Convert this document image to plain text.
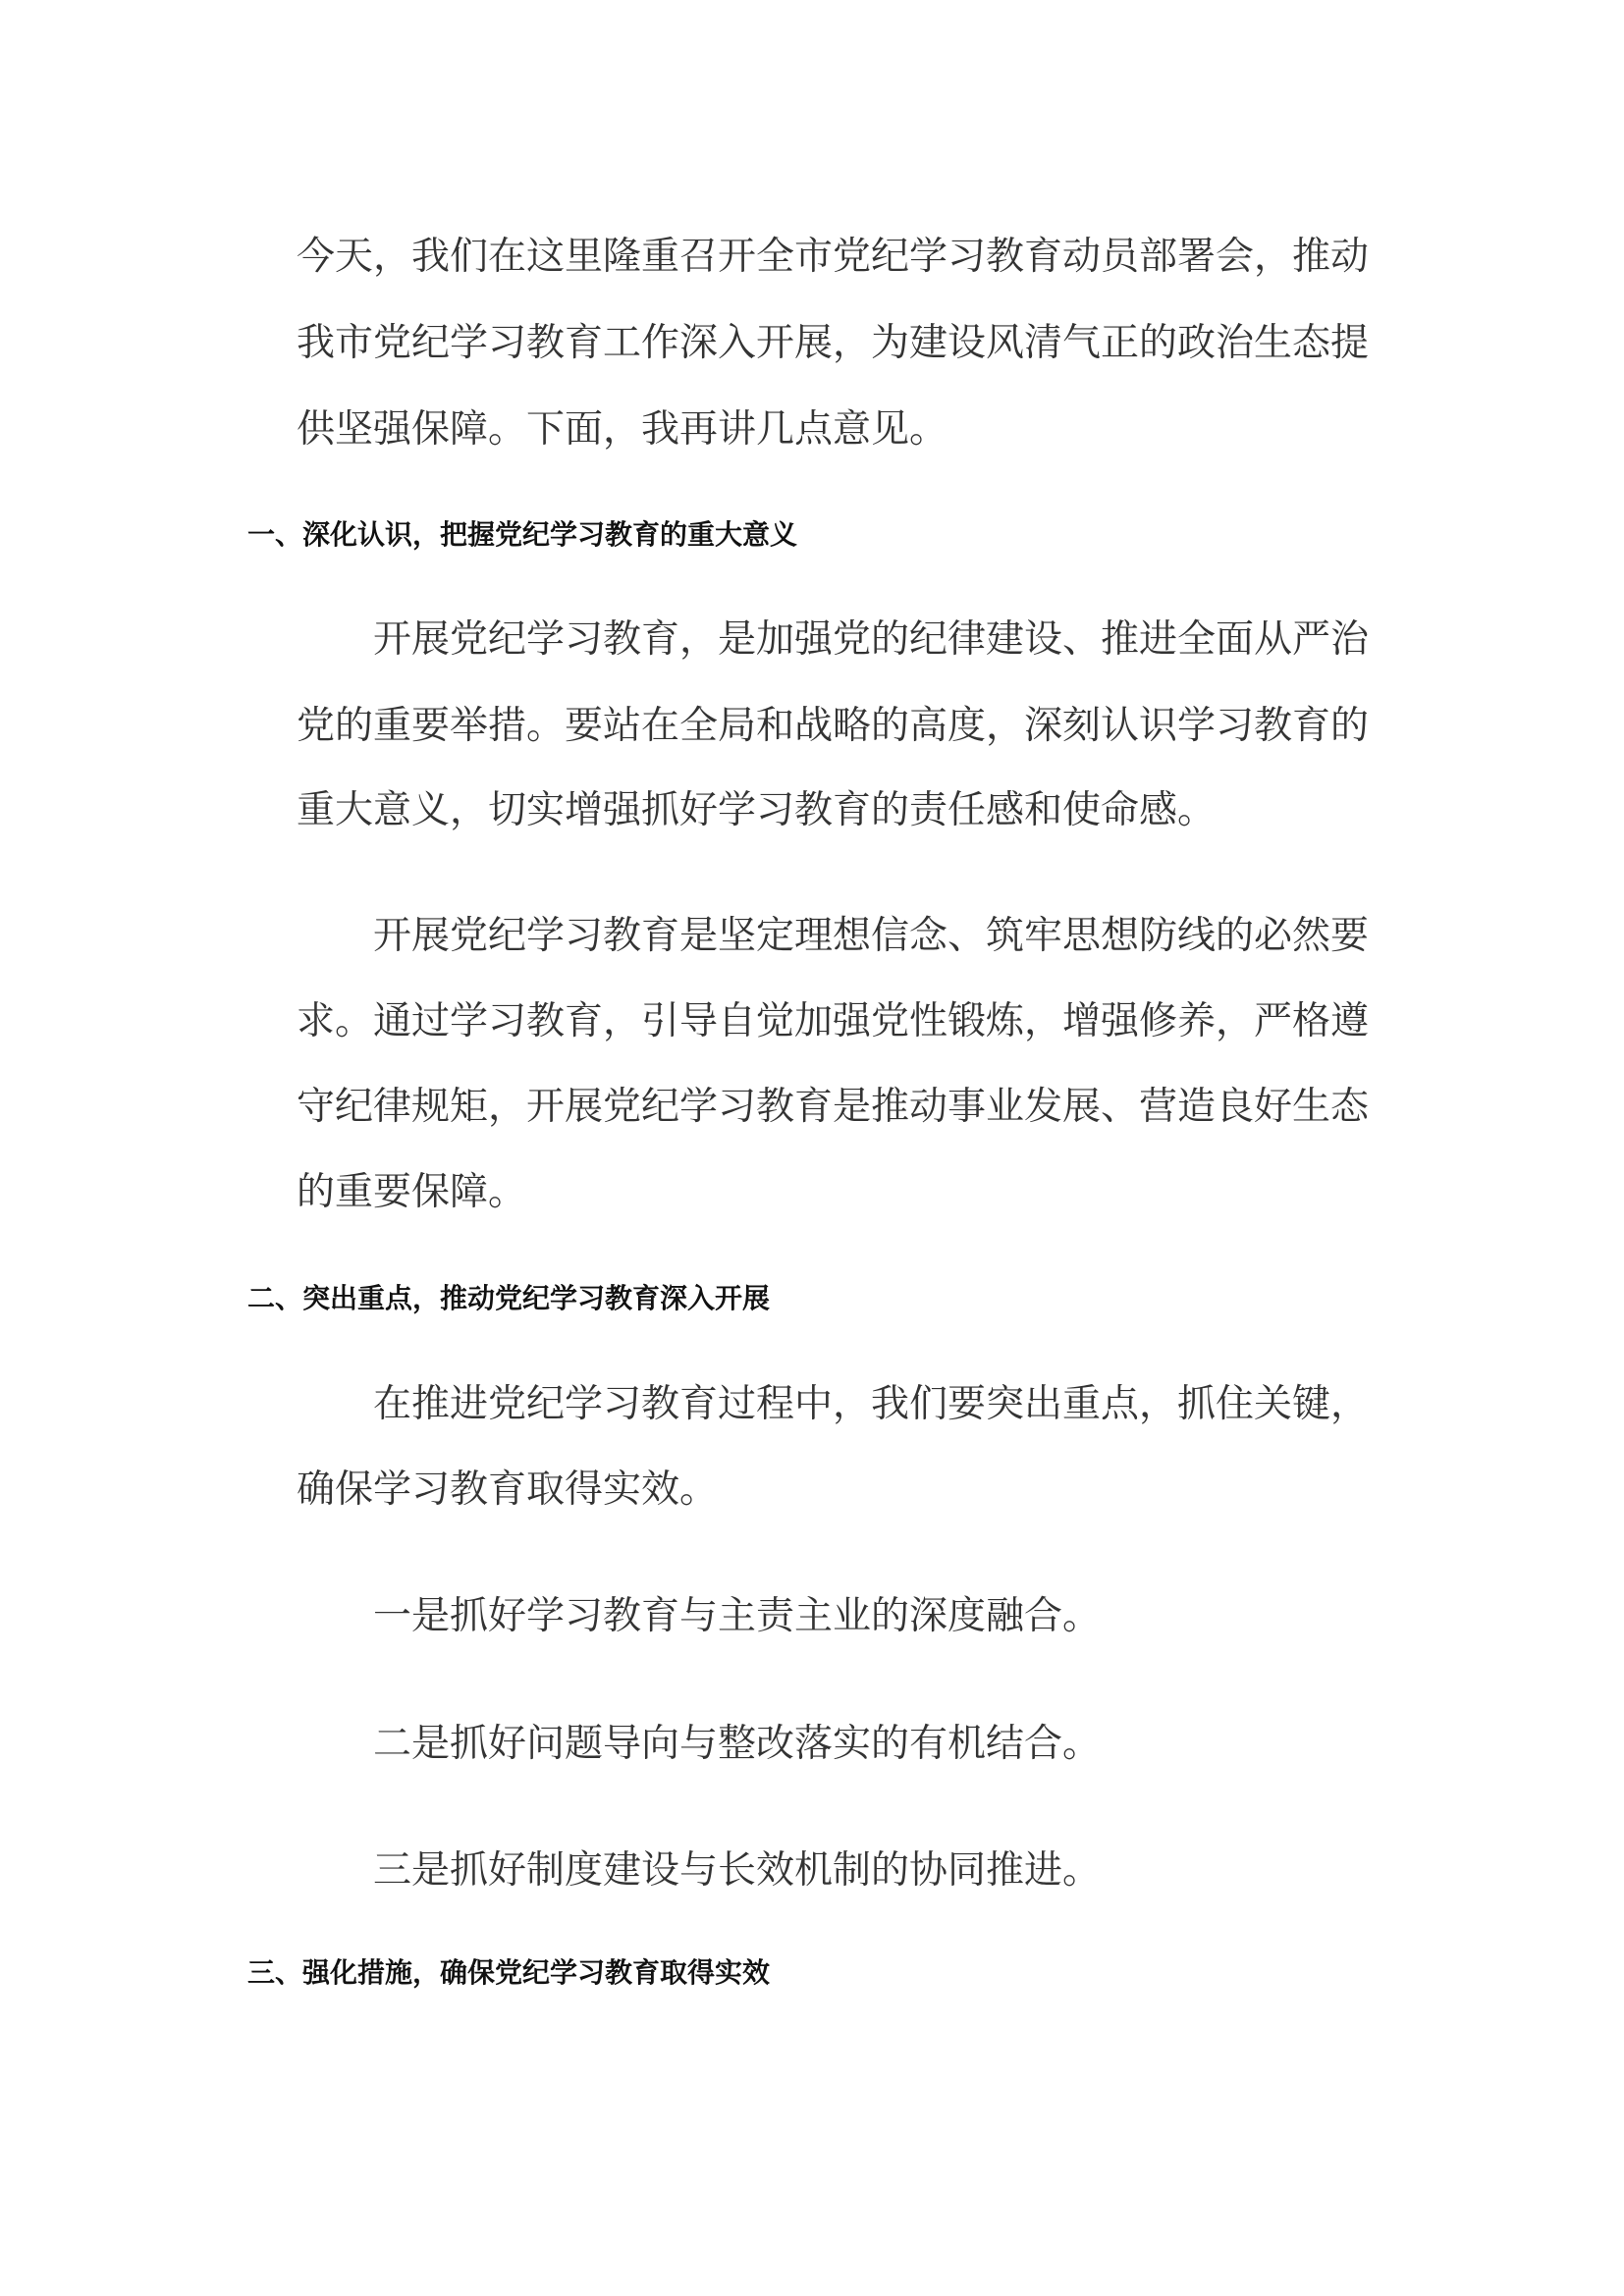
今天，我们在这里隆重召开全市党纪学习教育动员部署会，推动
我市党纪学习教育工作深入开展，为建设风清气正的政治生态提
供坚强保障。下面，我再讲几点意见。
一、深化认识，把握党纪学习教育的重大意义
开展党纪学习教育，是加强党的纪律建设、推进全面从严治
党的重要举措。要站在全局和战略的高度，深刻认识学习教育的
重大意义，切实增强抓好学习教育的责任感和使命感。
开展党纪学习教育是坚定理想信念、筑牢思想防线的必然要
求。通过学习教育，引导自觉加强党性锻炼，增强修养，严格遵
守纪律规矩，开展党纪学习教育是推动事业发展、营造良好生态
的重要保障。
二、突出重点，推动党纪学习教育深入开展
在推进党纪学习教育过程中，我们要突出重点，抓住关键，
确保学习教育取得实效。
一是抓好学习教育与主责主业的深度融合。
二是抓好问题导向与整改落实的有机结合。
三是抓好制度建设与长效机制的协同推进。
三、强化措施，确保党纪学习教育取得实效
